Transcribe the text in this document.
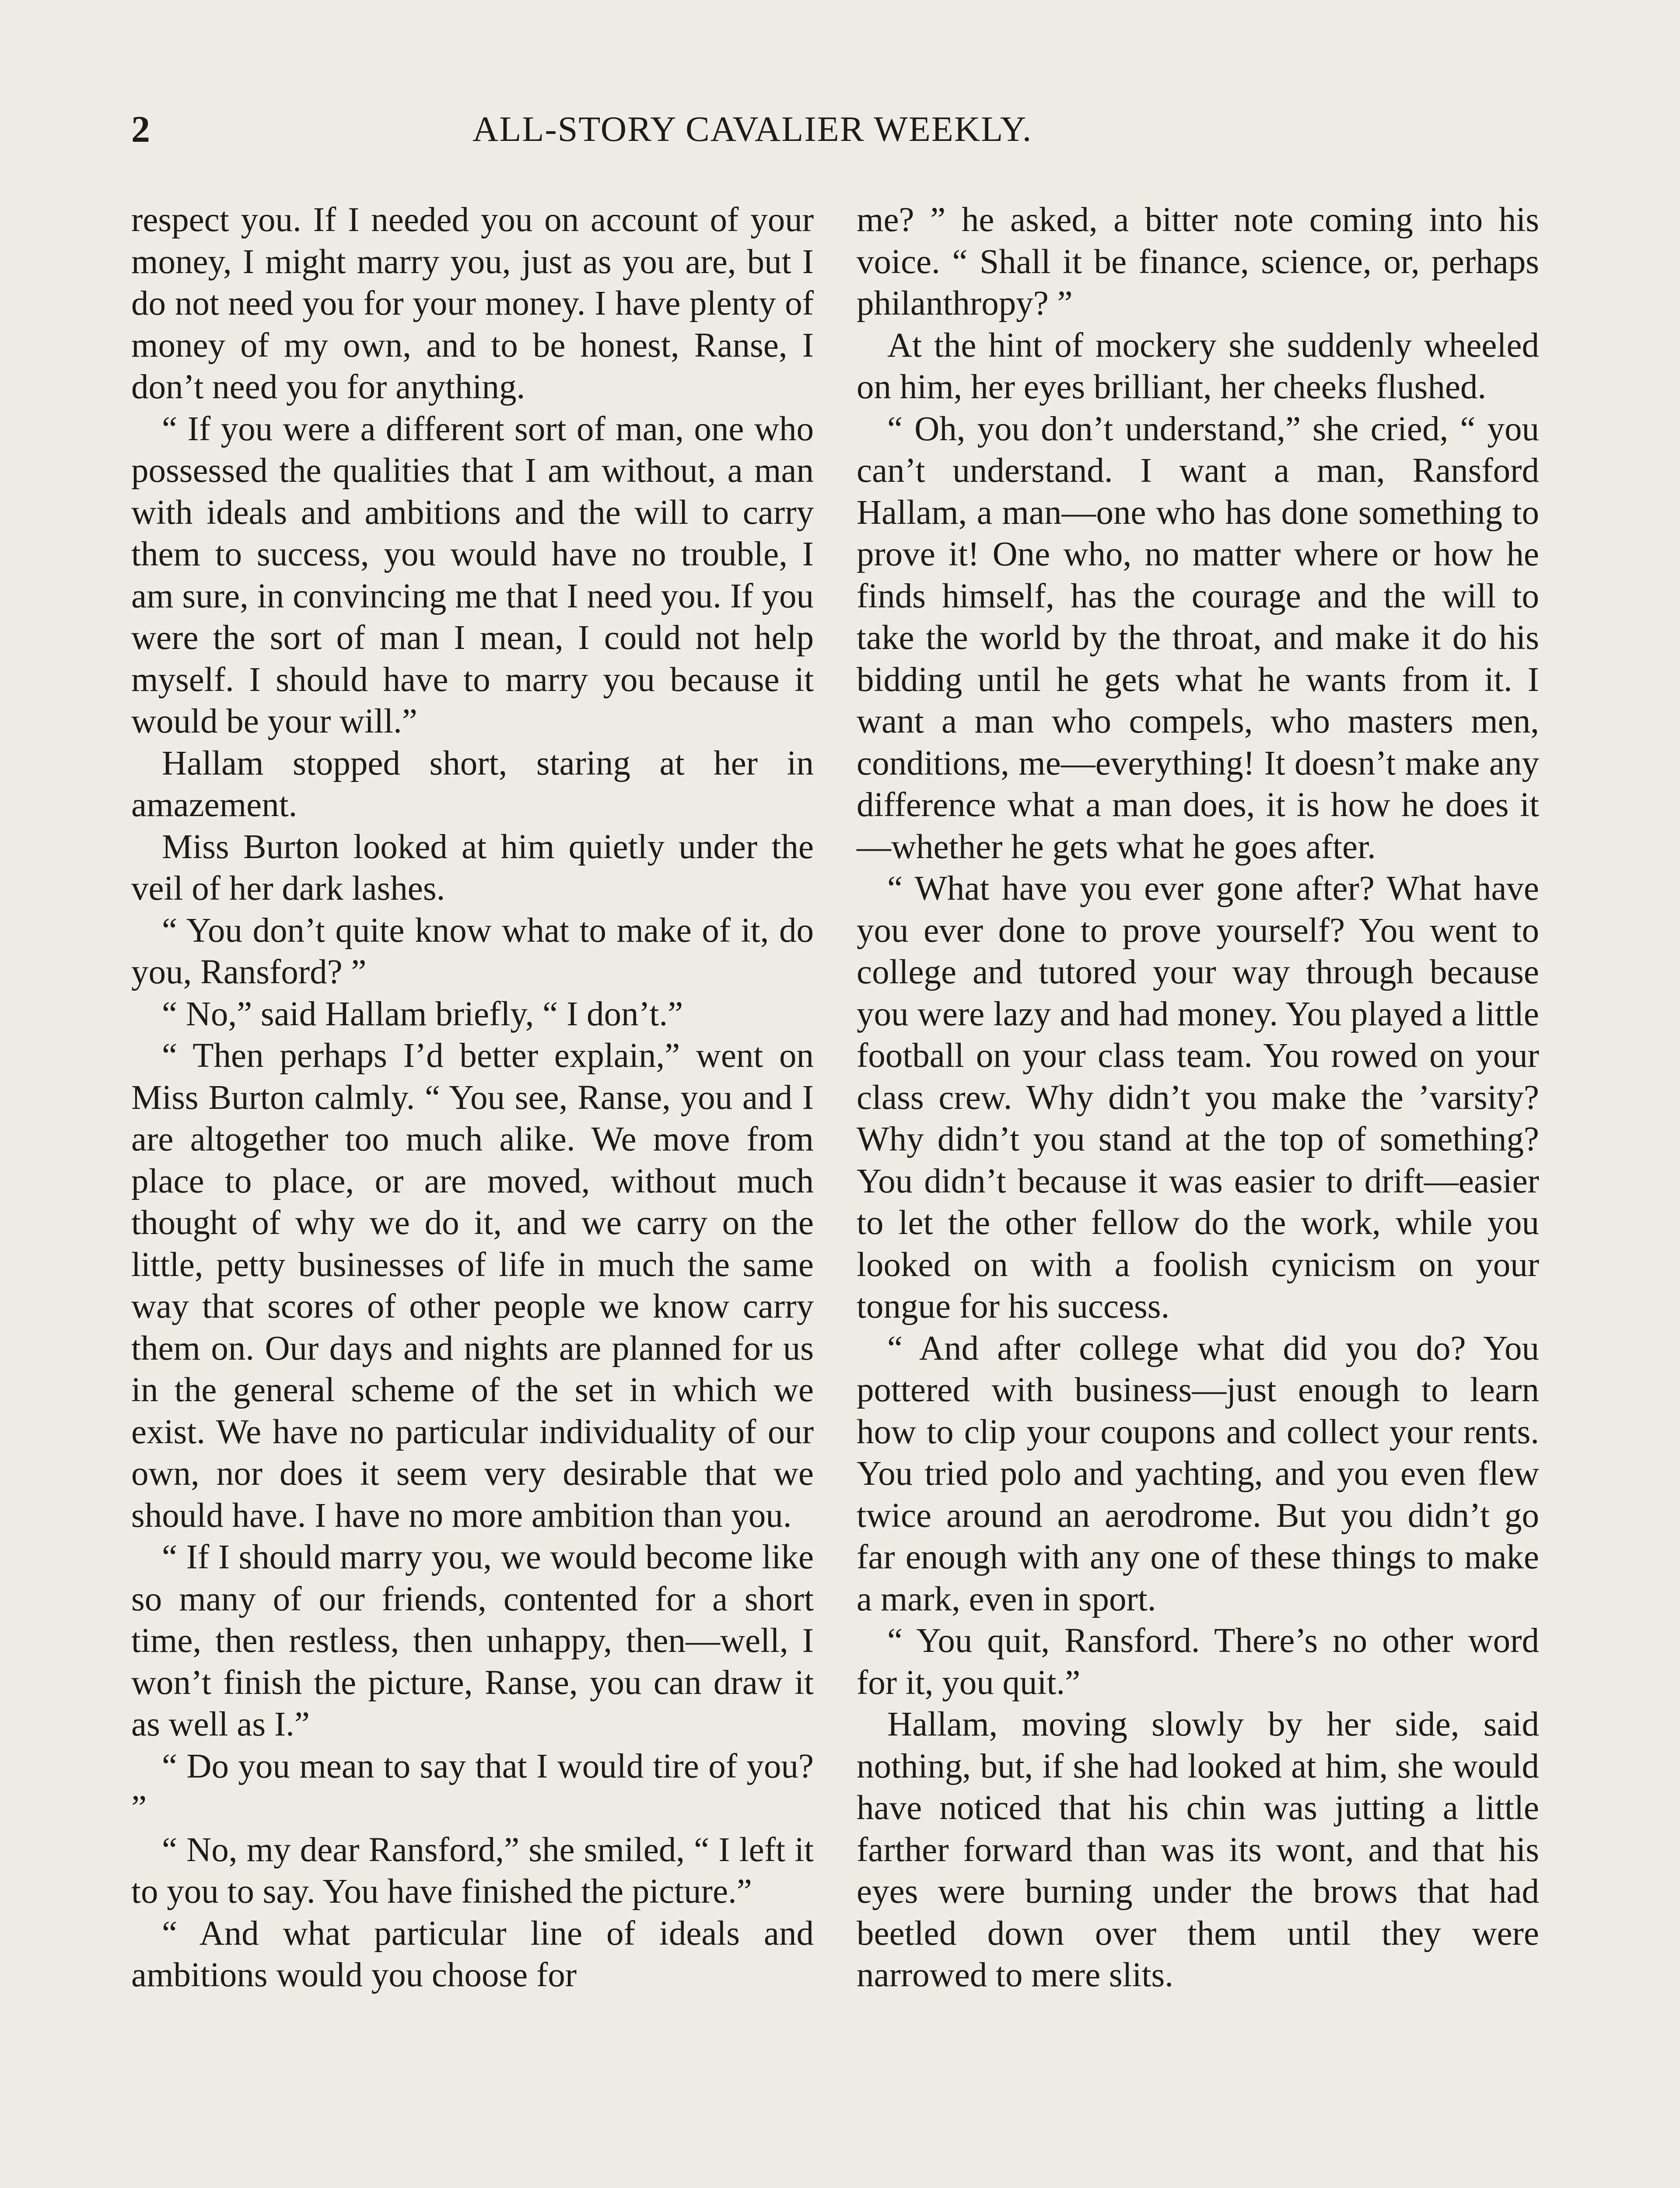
2	ALL-STORY CAVALIER WEEKLY.

respect you. If I needed you on account of your money, I might marry you, just as you are, but I do not need you for your money. I have plenty of money of my own, and to be honest, Ranse, I don’t need you for anything.

“ If you were a different sort of man, one who possessed the qualities that I am without, a man with ideals and ambitions and the will to carry them to success, you would have no trouble, I am sure, in convincing me that I need you. If you were the sort of man I mean, I could not help myself. I should have to marry you because it would be your will.”

Hallam stopped short, staring at her in amazement.

Miss Burton looked at him quietly under the veil of her dark lashes.

“ You don’t quite know what to make of it, do you, Ransford? ”

“ No,” said Hallam briefly, “ I don’t.”

“ Then perhaps I’d better explain,” went on Miss Burton calmly. “ You see, Ranse, you and I are altogether too much alike. We move from place to place, or are moved, without much thought of why we do it, and we carry on the little, petty businesses of life in much the same way that scores of other people we know carry them on. Our days and nights are planned for us in the general scheme of the set in which we exist. We have no particular individuality of our own, nor does it seem very desirable that we should have. I have no more ambition than you.

“ If I should marry you, we would become like so many of our friends, contented for a short time, then restless, then unhappy, then—well, I won’t finish the picture, Ranse, you can draw it as well as I.”

“ Do you mean to say that I would tire of you? ”

“ No, my dear Ransford,” she smiled, “ I left it to you to say. You have finished the picture.”

“ And what particular line of ideals and ambitions would you choose for

me? ” he asked, a bitter note coming into his voice. “ Shall it be finance, science, or, perhaps philanthropy? ”

At the hint of mockery she suddenly wheeled on him, her eyes brilliant, her cheeks flushed.

“ Oh, you don’t understand,” she cried, “ you can’t understand. I want a man, Ransford Hallam, a man—one who has done something to prove it! One who, no matter where or how he finds himself, has the courage and the will to take the world by the throat, and make it do his bidding until he gets what he wants from it. I want a man who compels, who masters men, conditions, me—everything! It doesn’t make any difference what a man does, it is how he does it—whether he gets what he goes after.

“ What have you ever gone after? What have you ever done to prove yourself? You went to college and tutored your way through because you were lazy and had money. You played a little football on your class team. You rowed on your class crew. Why didn’t you make the ’varsity? Why didn’t you stand at the top of something? You didn’t because it was easier to drift—easier to let the other fellow do the work, while you looked on with a foolish cynicism on your tongue for his success.

“ And after college what did you do? You pottered with business—just enough to learn how to clip your coupons and collect your rents. You tried polo and yachting, and you even flew twice around an aerodrome. But you didn’t go far enough with any one of these things to make a mark, even in sport.

“ You quit, Ransford. There’s no other word for it, you quit.”

Hallam, moving slowly by her side, said nothing, but, if she had looked at him, she would have noticed that his chin was jutting a little farther forward than was its wont, and that his eyes were burning under the brows that had beetled down over them until they were narrowed to mere slits.
